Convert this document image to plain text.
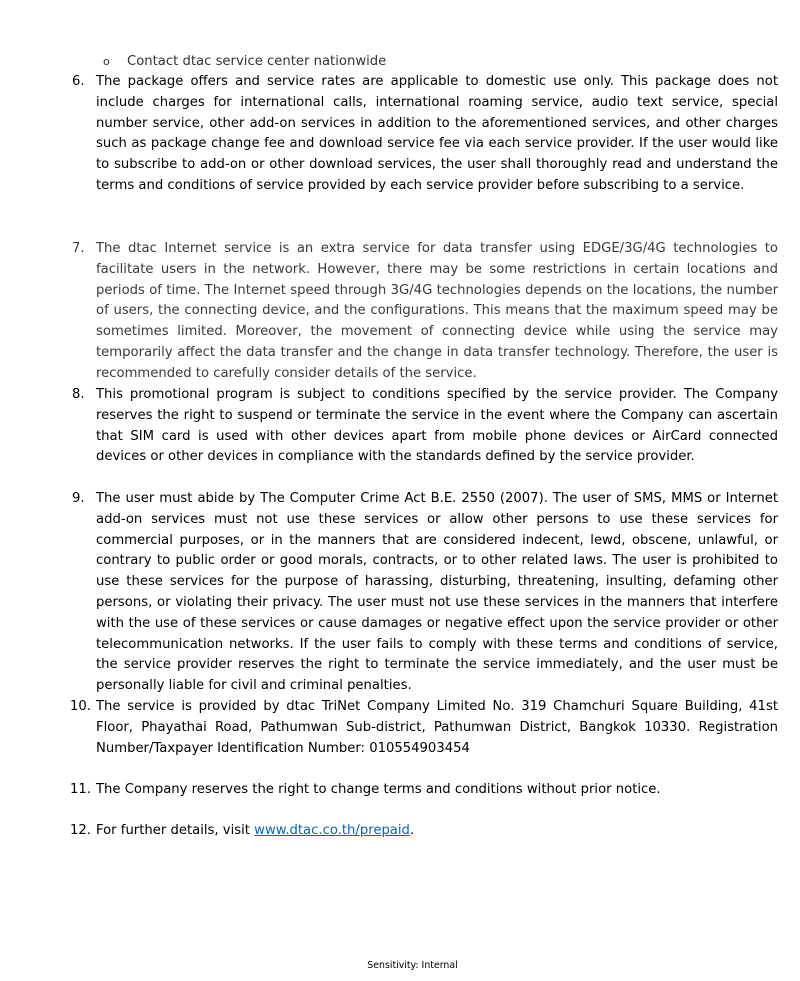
o Contact dtac service center nationwide
6. The package offers and service rates are applicable to domestic use only. This package does not include charges for international calls, international roaming service, audio text service, special number service, other add-on services in addition to the aforementioned services, and other charges such as package change fee and download service fee via each service provider. If the user would like to subscribe to add-on or other download services, the user shall thoroughly read and understand the terms and conditions of service provided by each service provider before subscribing to a service.
7. The dtac Internet service is an extra service for data transfer using EDGE/3G/4G technologies to facilitate users in the network. However, there may be some restrictions in certain locations and periods of time. The Internet speed through 3G/4G technologies depends on the locations, the number of users, the connecting device, and the configurations. This means that the maximum speed may be sometimes limited. Moreover, the movement of connecting device while using the service may temporarily affect the data transfer and the change in data transfer technology. Therefore, the user is recommended to carefully consider details of the service.
8. This promotional program is subject to conditions specified by the service provider. The Company reserves the right to suspend or terminate the service in the event where the Company can ascertain that SIM card is used with other devices apart from mobile phone devices or AirCard connected devices or other devices in compliance with the standards defined by the service provider.
9. The user must abide by The Computer Crime Act B.E. 2550 (2007). The user of SMS, MMS or Internet add-on services must not use these services or allow other persons to use these services for commercial purposes, or in the manners that are considered indecent, lewd, obscene, unlawful, or contrary to public order or good morals, contracts, or to other related laws. The user is prohibited to use these services for the purpose of harassing, disturbing, threatening, insulting, defaming other persons, or violating their privacy. The user must not use these services in the manners that interfere with the use of these services or cause damages or negative effect upon the service provider or other telecommunication networks. If the user fails to comply with these terms and conditions of service, the service provider reserves the right to terminate the service immediately, and the user must be personally liable for civil and criminal penalties.
10. The service is provided by dtac TriNet Company Limited No. 319 Chamchuri Square Building, 41st Floor, Phayathai Road, Pathumwan Sub-district, Pathumwan District, Bangkok 10330. Registration Number/Taxpayer Identification Number: 010554903454
11. The Company reserves the right to change terms and conditions without prior notice.
12. For further details, visit www.dtac.co.th/prepaid.
Sensitivity: Internal
